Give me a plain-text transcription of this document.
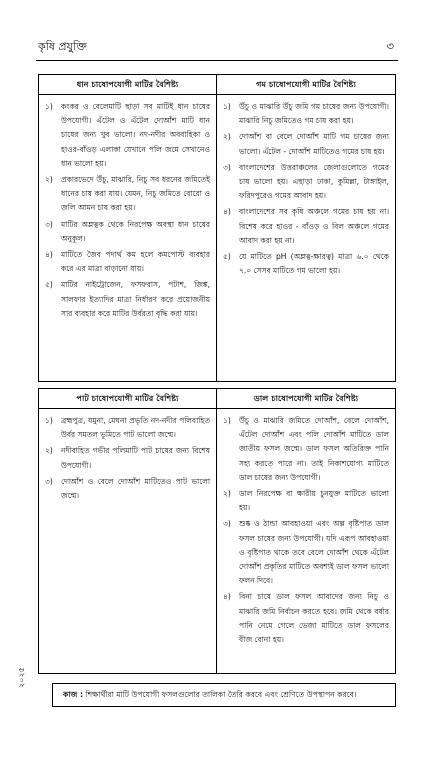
কৃষি প্রযুক্তি	৩
ধান চাষোপযোগী মাটির বৈশিষ্ট্য
১)	কংকর ও বেলেমাটি ছাড়া সব মাটিই ধান চাষের উপযোগী। এঁটেল ও এঁটেল দোআঁশ মাটি ধান চাষের জন্য খুব ভালো। নদ-নদীর অববাহিকা ও হাওর-বাঁওড় এলাকা যেখানে পলি জমে সেখানেও ধান ভালো হয়।
২)	প্রকারভেদে উঁচু, মাঝারি, নিচু সব ধরনের জমিতেই ধানের চাষ করা যায়। যেমন, নিচু জমিতে বোরো ও জলি আমন চাষ করা হয়।
৩)	মাটির অম্লত্বক থেকে নিরপেক্ষ অবস্থা ধান চাষের অনুকূল।
৪)	মাটিতে জৈব পদার্থ কম হলে কমপোস্ট ব্যবহার করে এর মাত্রা বাড়ানো যায়।
৫)	মাটির নাইট্রোজেন, ফসফরাস, পটাশ, জিঙ্ক, সালফার ইত্যাদির মাত্রা নির্ধারণ করে প্রয়োজনীয় সার ব্যবহার করে মাটির উর্বরতা বৃদ্ধি করা যায়।
গম চাষোপযোগী মাটির বৈশিষ্ট্য
১)	উঁচু ও মাঝারি উঁচু জমি গম চাষের জন্য উপযোগী। মাঝারি নিচু জমিতেও গম চাষ করা হয়।
২)	দোআঁশ বা বেলে দোআঁশ মাটি গম চাষের জন্য ভালো। এঁটেল - দোআঁশ মাটিতেও গমের চাষ হয়।
৩)	বাংলাদেশের উত্তরাঞ্চলের জেলাগুলোতে গমের চাষ ভালো হয়। এছাড়া ঢাকা, কুমিল্লা, টাঙ্গাইল, ফরিদপুরেও গমের আবাদ হয়।
৪)	বাংলাদেশের সব কৃষি অঞ্চলে গমের চাষ হয় না। বিশেষ করে হাওর - বাঁওড় ও বিল অঞ্চলে গমের আবাদ করা হয় না।
৫)	যে মাটিতে pH (অম্লত্ব-ক্ষারত্ব) মাত্রা ৬.০ থেকে ৭.০ সেসব মাটিতে গম ভালো হয়।
পাট চাষোপযোগী মাটির বৈশিষ্ট্য
১)	ব্রহ্মপুত্র, যমুনা, মেঘনা প্রভৃতি নদ-নদীর পলিবাহিত উর্বর সমতল ভূমিতে পাট ভালো জন্মে।
২)	নদীবাহিত গভীর পলিমাটি পাট চাষের জন্য বিশেষ উপযোগী।
৩)	দোআঁশ ও বেলে দোআঁশ মাটিতেও পাট ভালো জন্মে।
ডাল চাষোপযোগী মাটির বৈশিষ্ট্য
১)	উঁচু ও মাঝারি জমিতে দোআঁশ, বেলে দোআঁশ, এঁটেল দোআঁশ এবং পলি দোআঁশ মাটিতে ডাল জাতীয় ফসল জন্মে। ডাল ফসল অতিরিক্ত পানি সহ্য করতে পারে না। তাই নিকাশযোগ্য মাটিতে ডাল চাষের জন্য উপযোগী।
২)	ডাল নিরপেক্ষ বা ক্ষারীয় চুনযুক্ত মাটিতে ভালো হয়।
৩)	শুষ্ক ও ঠান্ডা আবহাওয়া এবং অল্প বৃষ্টিপাত ডাল ফসল চাষের জন্য উপযোগী। যদি এরূপ আবহাওয়া ও বৃষ্টিপাত থাকে তবে বেলে দোআঁশ থেকে এঁটেল দোআঁশ প্রকৃতির মাটিতে অবশ্যই ডাল ফসল ভালো ফলন দিবে।
৪)	বিনা চাষে ডাল ফসল আবাদের জন্য নিচু ও মাঝারি জমি নির্বাচন করতে হবে। জমি থেকে বর্ষার পানি নেমে গেলে ভেজা মাটিতে ডাল ফসলের বীজ বোনা হয়।
কাজ : শিক্ষার্থীরা মাটি উপযোগী ফসলগুলোর তালিকা তৈরি করবে এবং শ্রেণিতে উপস্থাপন করবে।
২০২৫
